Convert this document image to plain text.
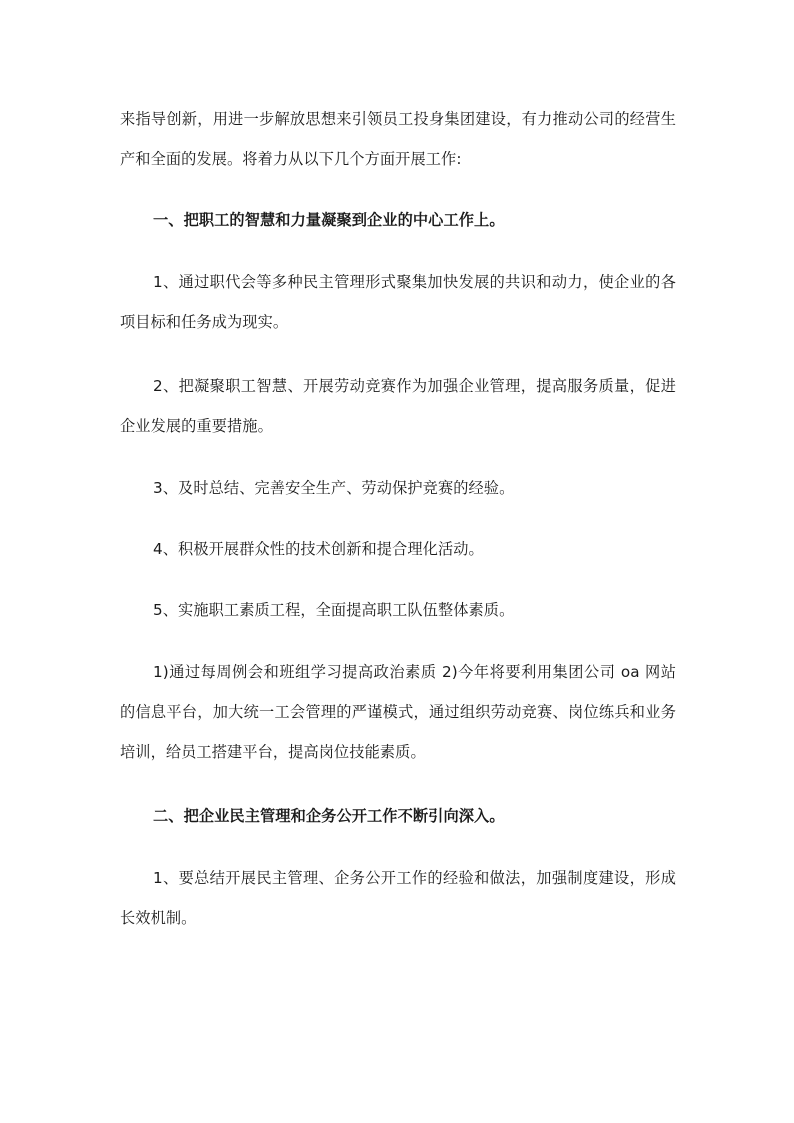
来指导创新，用进一步解放思想来引领员工投身集团建设，有力推动公司的经营生产和全面的发展。将着力从以下几个方面开展工作:

一、把职工的智慧和力量凝聚到企业的中心工作上。

1、通过职代会等多种民主管理形式聚集加快发展的共识和动力，使企业的各项目标和任务成为现实。

2、把凝聚职工智慧、开展劳动竞赛作为加强企业管理，提高服务质量，促进企业发展的重要措施。

3、及时总结、完善安全生产、劳动保护竞赛的经验。

4、积极开展群众性的技术创新和提合理化活动。

5、实施职工素质工程，全面提高职工队伍整体素质。

1)通过每周例会和班组学习提高政治素质 2)今年将要利用集团公司 oa 网站的信息平台，加大统一工会管理的严谨模式，通过组织劳动竞赛、岗位练兵和业务培训，给员工搭建平台，提高岗位技能素质。

二、把企业民主管理和企务公开工作不断引向深入。

1、要总结开展民主管理、企务公开工作的经验和做法，加强制度建设，形成长效机制。
